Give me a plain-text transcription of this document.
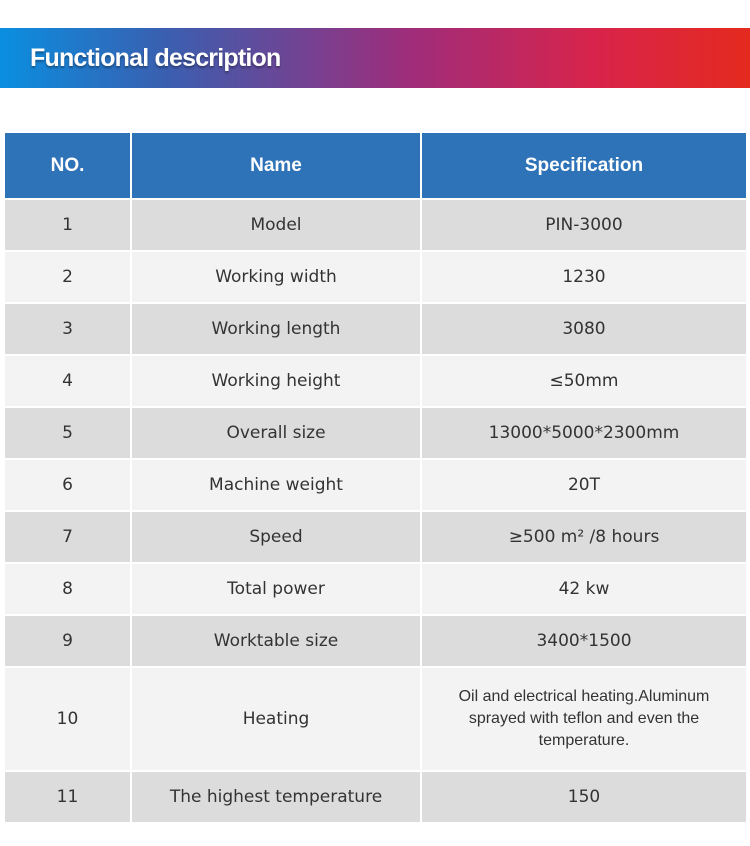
Functional description
NO.	Name	Specification
1	Model	PIN-3000
2	Working width	1230
3	Working length	3080
4	Working height	≤50mm
5	Overall size	13000*5000*2300mm
6	Machine weight	20T
7	Speed	≥500 m² /8 hours
8	Total power	42 kw
9	Worktable size	3400*1500
10	Heating	Oil and electrical heating.Aluminum sprayed with teflon and even the temperature.
11	The highest temperature	150
